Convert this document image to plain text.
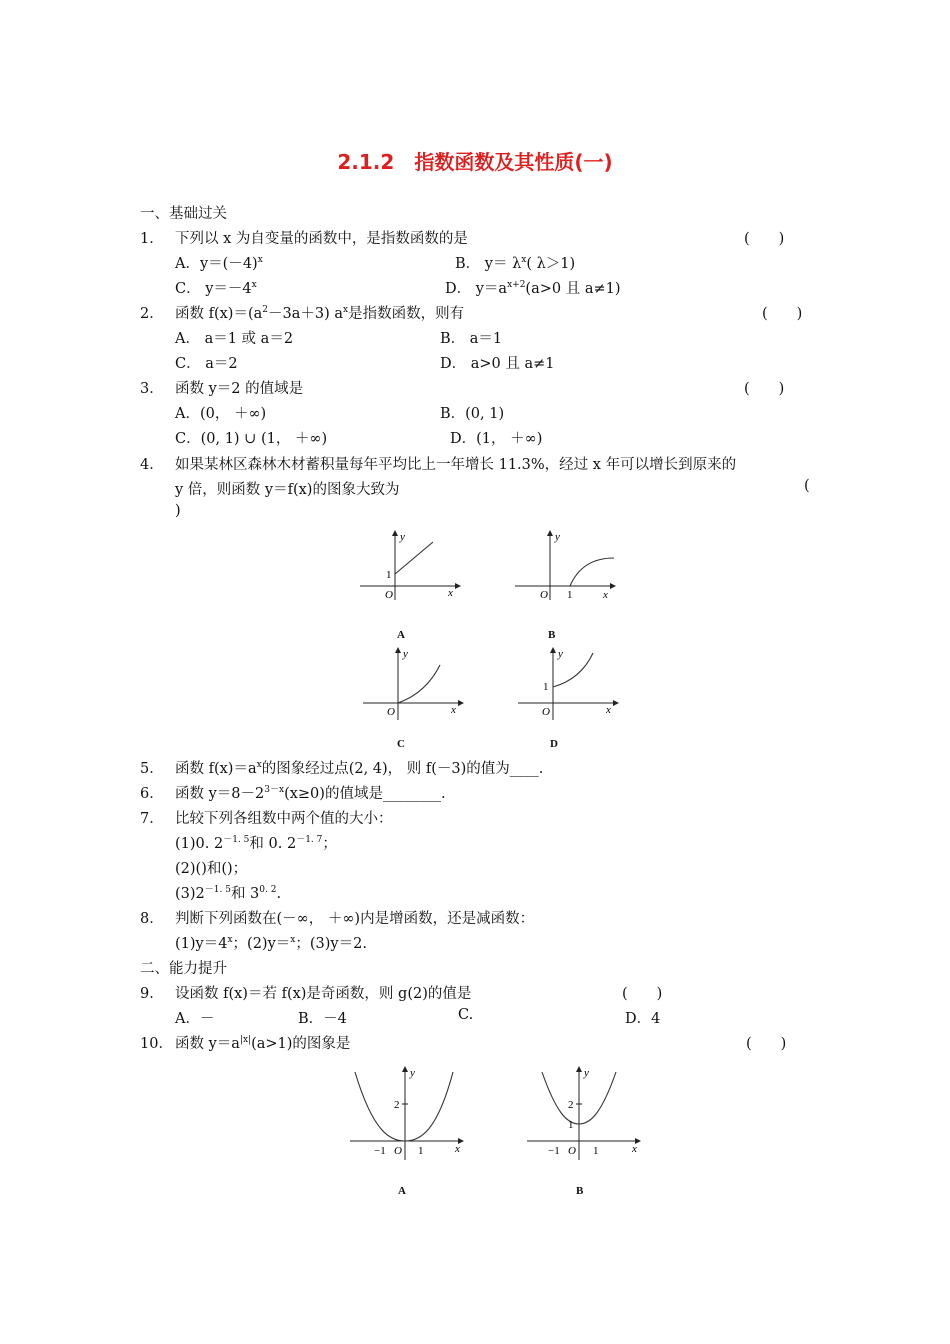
2.1.2　指数函数及其性质(一)
一、基础过关
1． 下列以 x 为自变量的函数中，是指数函数的是	(　　)
A．$y=(-4)^x$	B． $y= \lambda^x$( λ＞1)
C． $y=-4^x$	D． $y=a^{x+2}(a>0$ 且 a≠1)
2． 函数 $f(x)=(a^2-3a+3)$ $a^x$是指数函数，则有	(　　)
A． a＝1 或 a＝2	B． a＝1
C． a＝2	D． a>0 且 a≠1
3． 函数 y＝2 的值域是	(　　)
A．(0， ＋∞)	B．(0, 1)
C．(0, 1) ∪ (1， ＋∞)	D．(1， ＋∞)
4． 如果某林区森林木材蓄积量每年平均比上一年增长 11.3%，经过 x 年可以增长到原来的
y 倍，则函数 y＝f(x)的图象大致为	(
)
y
x
O
1
A
y
x
O 1
B
y
x
O
C
y
x
O
1
D
5． 函数 $f(x)=a^x$的图象经过点(2, 4)， 则 f(－3)的值为____.
6． 函数 $y=8-2^{3-x}(x\ge 0)$的值域是________.
7． 比较下列各组数中两个值的大小：
(1)0. $2^{-1. 5}$和 0. $2^{-1. 7}$；
(2)()和()；
$(3)2^{-1. 5}$和 $3^{0. 2}$.
8． 判断下列函数在(－∞， ＋∞)内是增函数，还是减函数：
$(1)y=4^x$；(2)y＝$^x$；(3)y＝2.
二、能力提升
9． 设函数 f(x)＝若 f(x)是奇函数，则 g(2)的值是	(　　)
A．－	B．－4	C.	D．4
10． 函数 $y=a^{|x|}(a>1)$的图象是	(　　)
y
x
O
−1	1
2
A
y
x
O
−1	1
2
1
B
